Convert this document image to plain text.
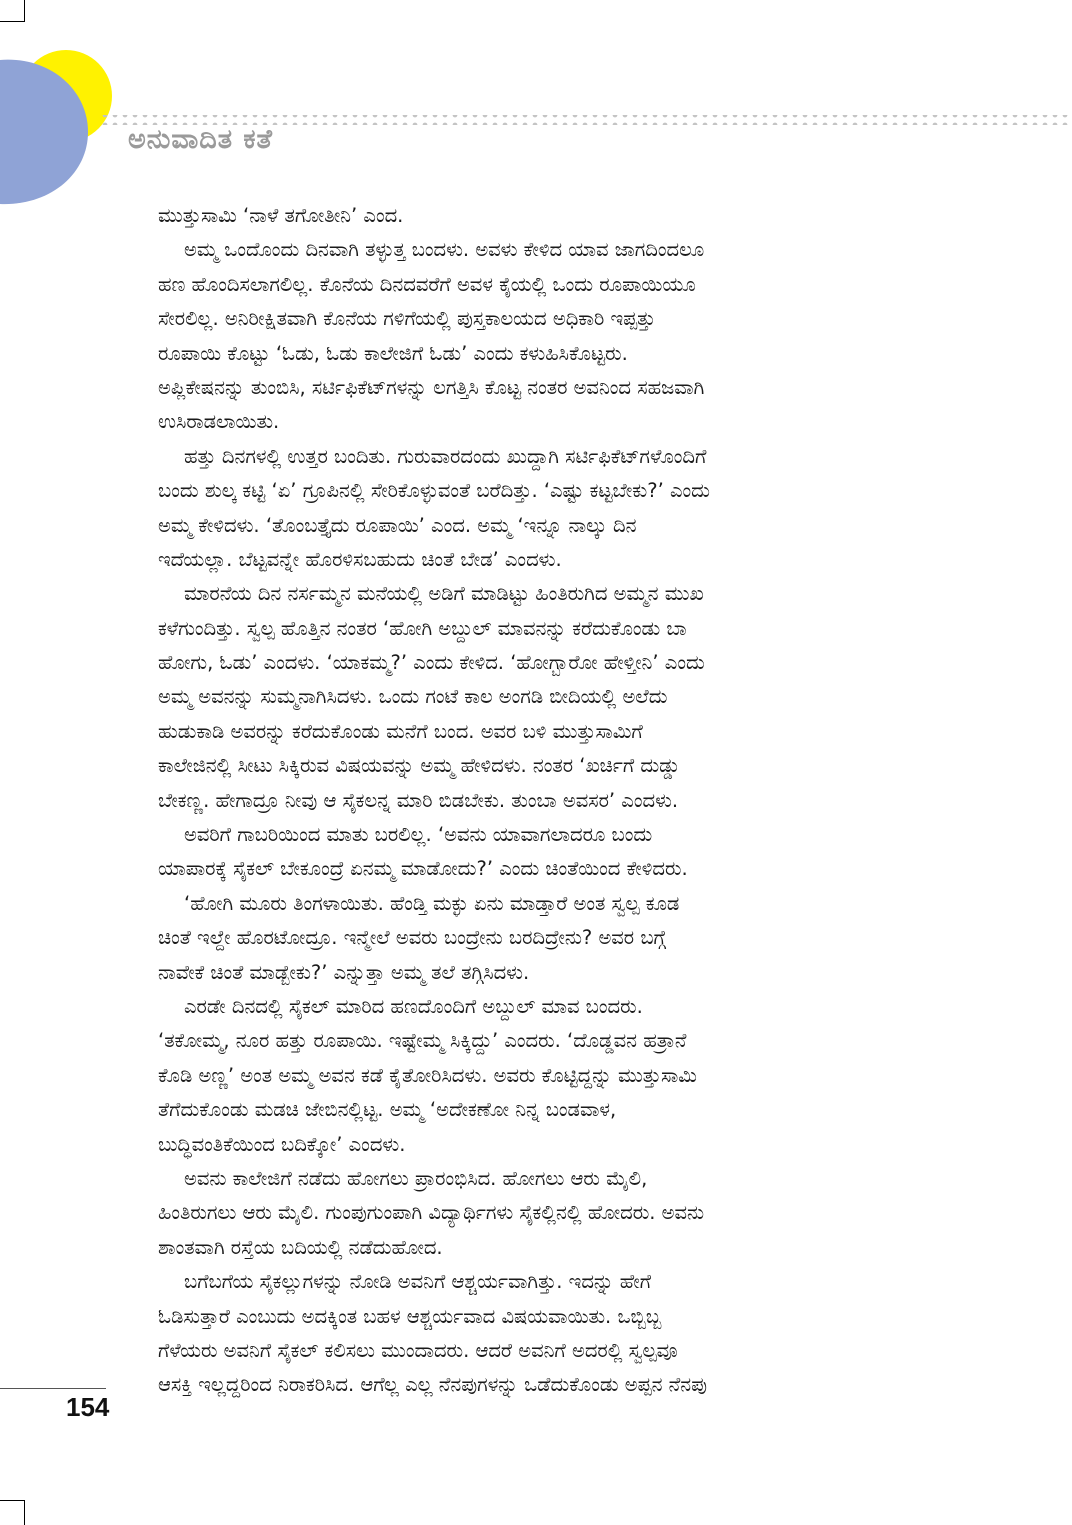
ಅನುವಾದಿತ ಕತೆ
ಮುತ್ತುಸಾಮಿ ‘ನಾಳೆ ತಗೋತೀನಿ’ ಎಂದ.
ಅಮ್ಮ ಒಂದೊಂದು ದಿನವಾಗಿ ತಳ್ಳುತ್ತ ಬಂದಳು. ಅವಳು ಕೇಳಿದ ಯಾವ ಜಾಗದಿಂದಲೂ
ಹಣ ಹೊಂದಿಸಲಾಗಲಿಲ್ಲ. ಕೊನೆಯ ದಿನದವರೆಗೆ ಅವಳ ಕೈಯಲ್ಲಿ ಒಂದು ರೂಪಾಯಿಯೂ
ಸೇರಲಿಲ್ಲ. ಅನಿರೀಕ್ಷಿತವಾಗಿ ಕೊನೆಯ ಗಳಿಗೆಯಲ್ಲಿ ಪುಸ್ತಕಾಲಯದ ಅಧಿಕಾರಿ ಇಪ್ಪತ್ತು
ರೂಪಾಯಿ ಕೊಟ್ಟು ‘ಓಡು, ಓಡು ಕಾಲೇಜಿಗೆ ಓಡು’ ಎಂದು ಕಳುಹಿಸಿಕೊಟ್ಟರು.
ಅಪ್ಲಿಕೇಷನನ್ನು ತುಂಬಿಸಿ, ಸರ್ಟಿಫಿಕೆಟ್‌ಗಳನ್ನು ಲಗತ್ತಿಸಿ ಕೊಟ್ಟ ನಂತರ ಅವನಿಂದ ಸಹಜವಾಗಿ
ಉಸಿರಾಡಲಾಯಿತು.
ಹತ್ತು ದಿನಗಳಲ್ಲಿ ಉತ್ತರ ಬಂದಿತು. ಗುರುವಾರದಂದು ಖುದ್ದಾಗಿ ಸರ್ಟಿಫಿಕೆಟ್‌ಗಳೊಂದಿಗೆ
ಬಂದು ಶುಲ್ಕ ಕಟ್ಟಿ ‘ಏ’ ಗ್ರೂಪಿನಲ್ಲಿ ಸೇರಿಕೊಳ್ಳುವಂತೆ ಬರೆದಿತ್ತು. ‘ಎಷ್ಟು ಕಟ್ಟಬೇಕು?’ ಎಂದು
ಅಮ್ಮ ಕೇಳಿದಳು. ‘ತೊಂಬತ್ತೈದು ರೂಪಾಯಿ’ ಎಂದ. ಅಮ್ಮ ‘ಇನ್ನೂ ನಾಲ್ಕು ದಿನ
ಇದೆಯಲ್ಲಾ. ಬೆಟ್ಟವನ್ನೇ ಹೊರಳಿಸಬಹುದು ಚಿಂತೆ ಬೇಡ’ ಎಂದಳು.
ಮಾರನೆಯ ದಿನ ನರ್ಸಮ್ಮನ ಮನೆಯಲ್ಲಿ ಅಡಿಗೆ ಮಾಡಿಟ್ಟು ಹಿಂತಿರುಗಿದ ಅಮ್ಮನ ಮುಖ
ಕಳೆಗುಂದಿತ್ತು. ಸ್ವಲ್ಪ ಹೊತ್ತಿನ ನಂತರ ‘ಹೋಗಿ ಅಬ್ದುಲ್ ಮಾವನನ್ನು ಕರೆದುಕೊಂಡು ಬಾ
ಹೋಗು, ಓಡು’ ಎಂದಳು. ‘ಯಾಕಮ್ಮ?’ ಎಂದು ಕೇಳಿದ. ‘ಹೋಗ್ಬಾರೋ ಹೇಳ್ತೀನಿ’ ಎಂದು
ಅಮ್ಮ ಅವನನ್ನು ಸುಮ್ಮನಾಗಿಸಿದಳು. ಒಂದು ಗಂಟೆ ಕಾಲ ಅಂಗಡಿ ಬೀದಿಯಲ್ಲಿ ಅಲೆದು
ಹುಡುಕಾಡಿ ಅವರನ್ನು ಕರೆದುಕೊಂಡು ಮನೆಗೆ ಬಂದ. ಅವರ ಬಳಿ ಮುತ್ತುಸಾಮಿಗೆ
ಕಾಲೇಜಿನಲ್ಲಿ ಸೀಟು ಸಿಕ್ಕಿರುವ ವಿಷಯವನ್ನು ಅಮ್ಮ ಹೇಳಿದಳು. ನಂತರ ‘ಖರ್ಚಿಗೆ ದುಡ್ಡು
ಬೇಕಣ್ಣ. ಹೇಗಾದ್ರೂ ನೀವು ಆ ಸೈಕಲನ್ನ ಮಾರಿ ಬಿಡಬೇಕು. ತುಂಬಾ ಅವಸರ’ ಎಂದಳು.
ಅವರಿಗೆ ಗಾಬರಿಯಿಂದ ಮಾತು ಬರಲಿಲ್ಲ. ‘ಅವನು ಯಾವಾಗಲಾದರೂ ಬಂದು
ಯಾಪಾರಕ್ಕೆ ಸೈಕಲ್ ಬೇಕೂಂದ್ರೆ ಏನಮ್ಮ ಮಾಡೋದು?’ ಎಂದು ಚಿಂತೆಯಿಂದ ಕೇಳಿದರು.
‘ಹೋಗಿ ಮೂರು ತಿಂಗಳಾಯಿತು. ಹೆಂಡ್ತಿ ಮಕ್ಳು ಏನು ಮಾಡ್ತಾರೆ ಅಂತ ಸ್ವಲ್ಪ ಕೂಡ
ಚಿಂತೆ ಇಲ್ದೇ ಹೊರಟೋದ್ರೂ. ಇನ್ಮೇಲೆ ಅವರು ಬಂದ್ರೇನು ಬರದಿದ್ರೇನು? ಅವರ ಬಗ್ಗೆ
ನಾವೇಕೆ ಚಿಂತೆ ಮಾಡ್ಬೇಕು?’ ಎನ್ನುತ್ತಾ ಅಮ್ಮ ತಲೆ ತಗ್ಗಿಸಿದಳು.
ಎರಡೇ ದಿನದಲ್ಲಿ ಸೈಕಲ್ ಮಾರಿದ ಹಣದೊಂದಿಗೆ ಅಬ್ದುಲ್ ಮಾವ ಬಂದರು.
‘ತಕೋಮ್ಮ, ನೂರ ಹತ್ತು ರೂಪಾಯಿ. ಇಷ್ಟೇಮ್ಮ ಸಿಕ್ಕಿದ್ದು’ ಎಂದರು. ‘ದೊಡ್ಡವನ ಹತ್ರಾನೆ
ಕೊಡಿ ಅಣ್ಣ’ ಅಂತ ಅಮ್ಮ ಅವನ ಕಡೆ ಕೈತೋರಿಸಿದಳು. ಅವರು ಕೊಟ್ಟಿದ್ದನ್ನು ಮುತ್ತುಸಾಮಿ
ತೆಗೆದುಕೊಂಡು ಮಡಚಿ ಜೇಬಿನಲ್ಲಿಟ್ಟ. ಅಮ್ಮ ‘ಅದೇಕಣೋ ನಿನ್ನ ಬಂಡವಾಳ,
ಬುದ್ಧಿವಂತಿಕೆಯಿಂದ ಬದಿಕ್ಕೋ’ ಎಂದಳು.
ಅವನು ಕಾಲೇಜಿಗೆ ನಡೆದು ಹೋಗಲು ಪ್ರಾರಂಭಿಸಿದ. ಹೋಗಲು ಆರು ಮೈಲಿ,
ಹಿಂತಿರುಗಲು ಆರು ಮೈಲಿ. ಗುಂಪುಗುಂಪಾಗಿ ವಿದ್ಯಾರ್ಥಿಗಳು ಸೈಕಲ್ಲಿನಲ್ಲಿ ಹೋದರು. ಅವನು
ಶಾಂತವಾಗಿ ರಸ್ತೆಯ ಬದಿಯಲ್ಲಿ ನಡೆದುಹೋದ.
ಬಗೆಬಗೆಯ ಸೈಕಲ್ಲುಗಳನ್ನು ನೋಡಿ ಅವನಿಗೆ ಆಶ್ಚರ್ಯವಾಗಿತ್ತು. ಇದನ್ನು ಹೇಗೆ
ಓಡಿಸುತ್ತಾರೆ ಎಂಬುದು ಅದಕ್ಕಿಂತ ಬಹಳ ಆಶ್ಚರ್ಯವಾದ ವಿಷಯವಾಯಿತು. ಒಬ್ಬಿಬ್ಬ
ಗೆಳೆಯರು ಅವನಿಗೆ ಸೈಕಲ್ ಕಲಿಸಲು ಮುಂದಾದರು. ಆದರೆ ಅವನಿಗೆ ಅದರಲ್ಲಿ ಸ್ವಲ್ಪವೂ
ಆಸಕ್ತಿ ಇಲ್ಲದ್ದರಿಂದ ನಿರಾಕರಿಸಿದ. ಆಗೆಲ್ಲ ಎಲ್ಲ ನೆನಪುಗಳನ್ನು ಒಡೆದುಕೊಂಡು ಅಪ್ಪನ ನೆನಪು
154
